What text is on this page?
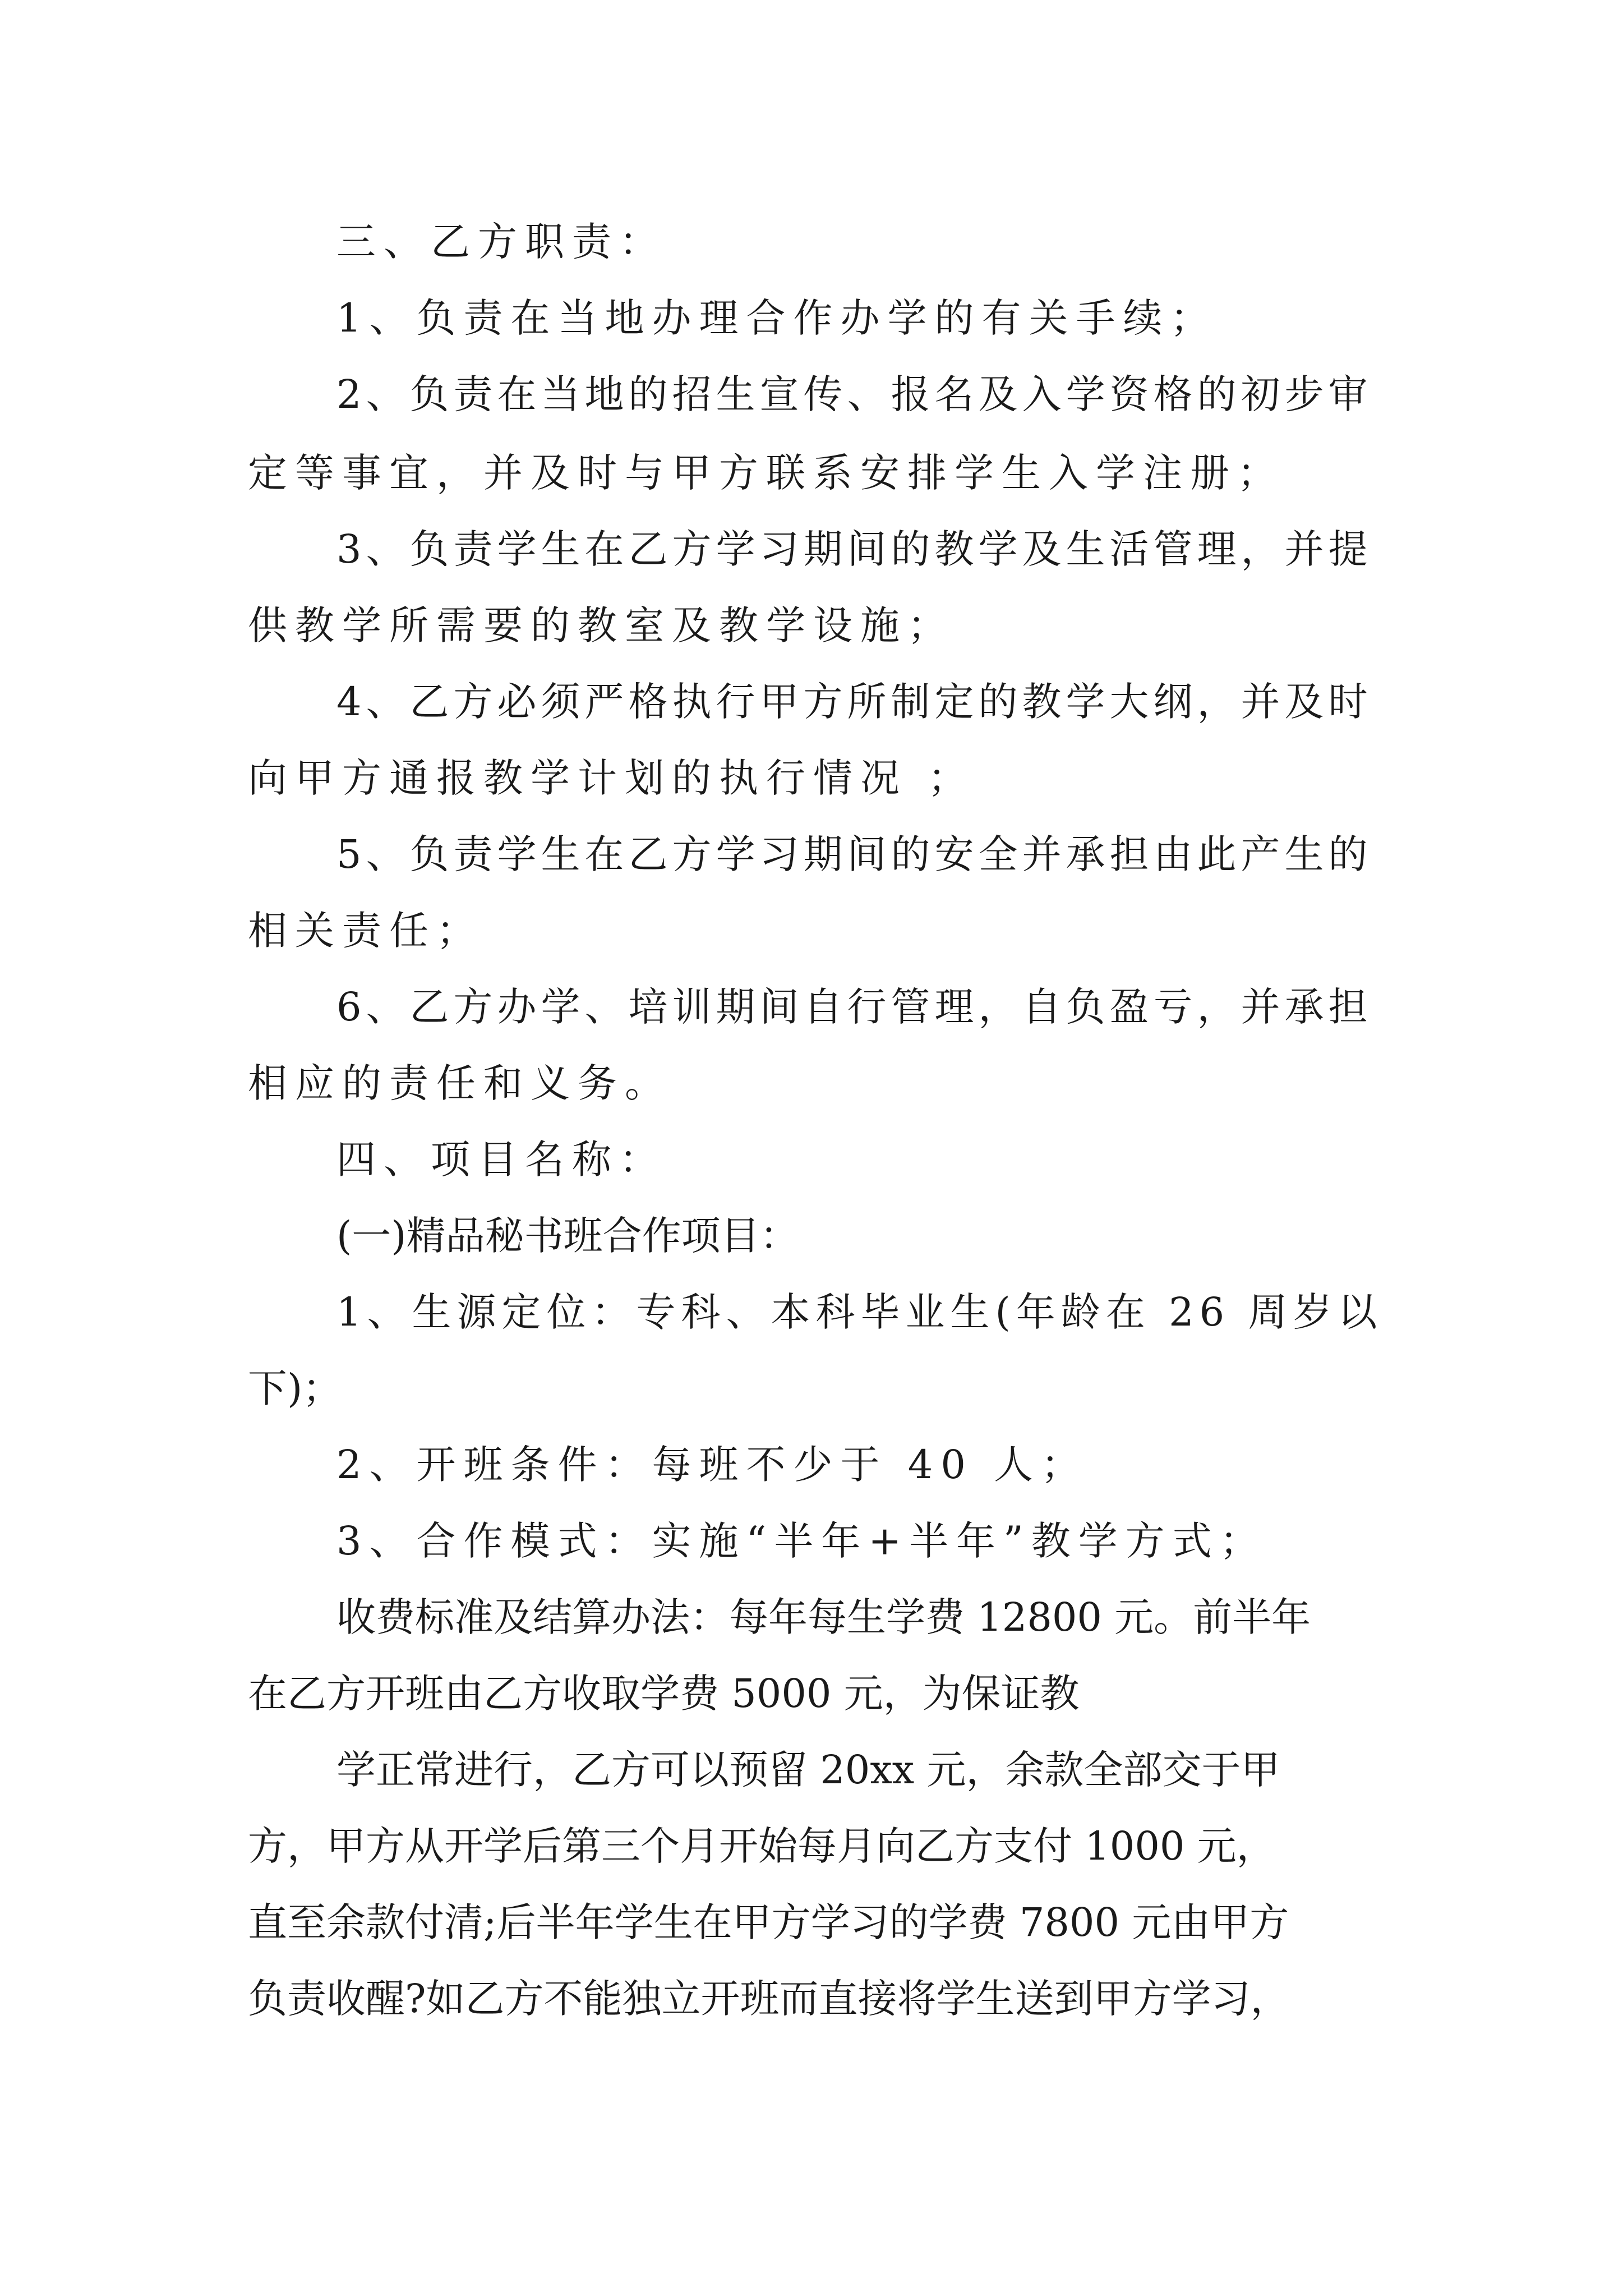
三、乙方职责：

1、负责在当地办理合作办学的有关手续；

2、负责在当地的招生宣传、报名及入学资格的初步审

定等事宜，并及时与甲方联系安排学生入学注册；

3、负责学生在乙方学习期间的教学及生活管理，并提

供教学所需要的教室及教学设施；

4、乙方必须严格执行甲方所制定的教学大纲，并及时

向甲方通报教学计划的执行情况 ；

5、负责学生在乙方学习期间的安全并承担由此产生的

相关责任；

6、乙方办学、培训期间自行管理，自负盈亏，并承担

相应的责任和义务。

四、项目名称：

(一)精品秘书班合作项目：

1、生源定位：专科、本科毕业生(年龄在 26 周岁以

下)；

2、开班条件：每班不少于 40 人；

3、合作模式：实施“半年+半年”教学方式；

收费标准及结算办法：每年每生学费 12800 元。前半年

在乙方开班由乙方收取学费 5000 元，为保证教

学正常进行，乙方可以预留 20xx 元，余款全部交于甲

方，甲方从开学后第三个月开始每月向乙方支付 1000 元，

直至余款付清;后半年学生在甲方学习的学费 7800 元由甲方

负责收醒?如乙方不能独立开班而直接将学生送到甲方学习，
